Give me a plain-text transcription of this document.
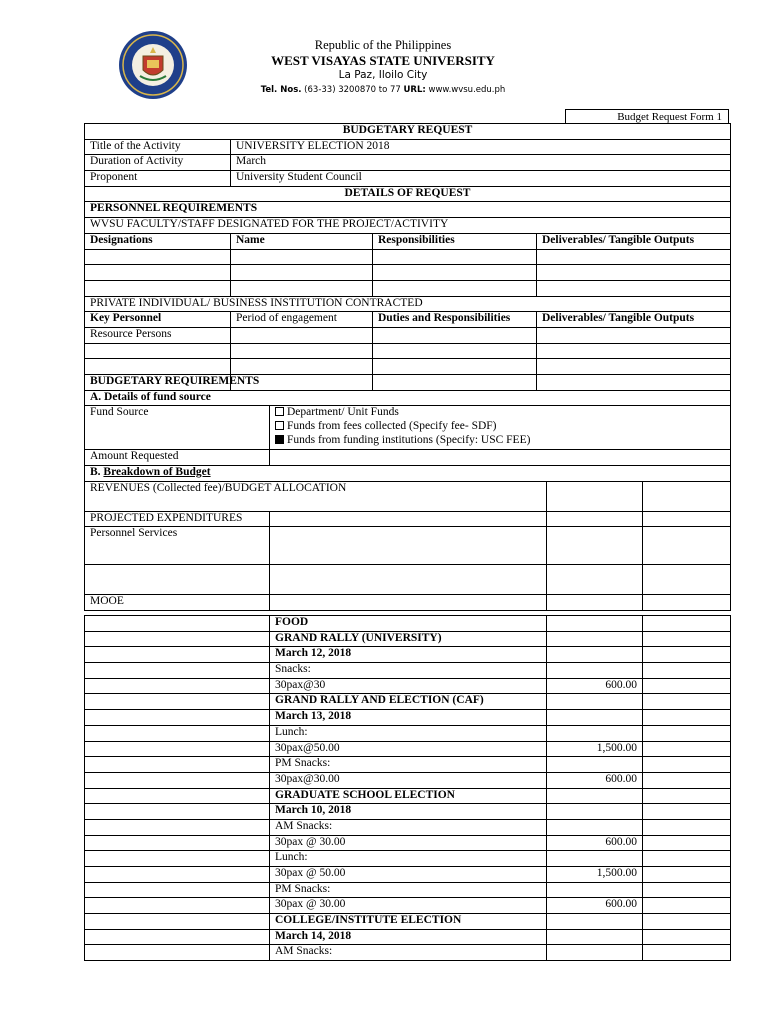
Republic of the Philippines
WEST VISAYAS STATE UNIVERSITY
La Paz, Iloilo City
Tel. Nos. (63-33) 3200870 to 77 URL: www.wvsu.edu.ph
Budget Request Form 1
BUDGETARY REQUEST			
Title of the Activity	UNIVERSITY ELECTION 2018		
Duration of Activity	March		
Proponent	University Student Council		
DETAILS OF REQUEST			
PERSONNEL REQUIREMENTS			
WVSU FACULTY/STAFF DESIGNATED FOR THE PROJECT/ACTIVITY			
Designations	Name	Responsibilities	Deliverables/ Tangible Outputs

PRIVATE INDIVIDUAL/ BUSINESS INSTITUTION CONTRACTED			
Key Personnel	Period of engagement	Duties and Responsibilities	Deliverables/ Tangible Outputs
Resource Persons			

BUDGETARY REQUIREMENTS			
A. Details of fund source			
Fund Source	Department/ Unit Funds
Funds from fees collected (Specify fee- SDF)
Funds from funding institutions (Specify: USC FEE)		

Amount Requested			
B. Breakdown of Budget			
REVENUES (Collected fee)/BUDGET ALLOCATION			
PROJECTED EXPENDITURES			
Personnel Services			

MOOE			
	FOOD		
	GRAND RALLY (UNIVERSITY)		
	March 12, 2018		
	Snacks:		
	30pax@30	600.00	
	GRAND RALLY AND ELECTION (CAF)		
	March 13, 2018		
	Lunch:		
	30pax@50.00	1,500.00	
	PM Snacks:		
	30pax@30.00	600.00	
	GRADUATE SCHOOL ELECTION		
	March 10, 2018		
	AM Snacks:		
	30pax @ 30.00	600.00	
	Lunch:		
	30pax @ 50.00	1,500.00	
	PM Snacks:		
	30pax @ 30.00	600.00	
	COLLEGE/INSTITUTE ELECTION		
	March 14, 2018		
	AM Snacks:		
